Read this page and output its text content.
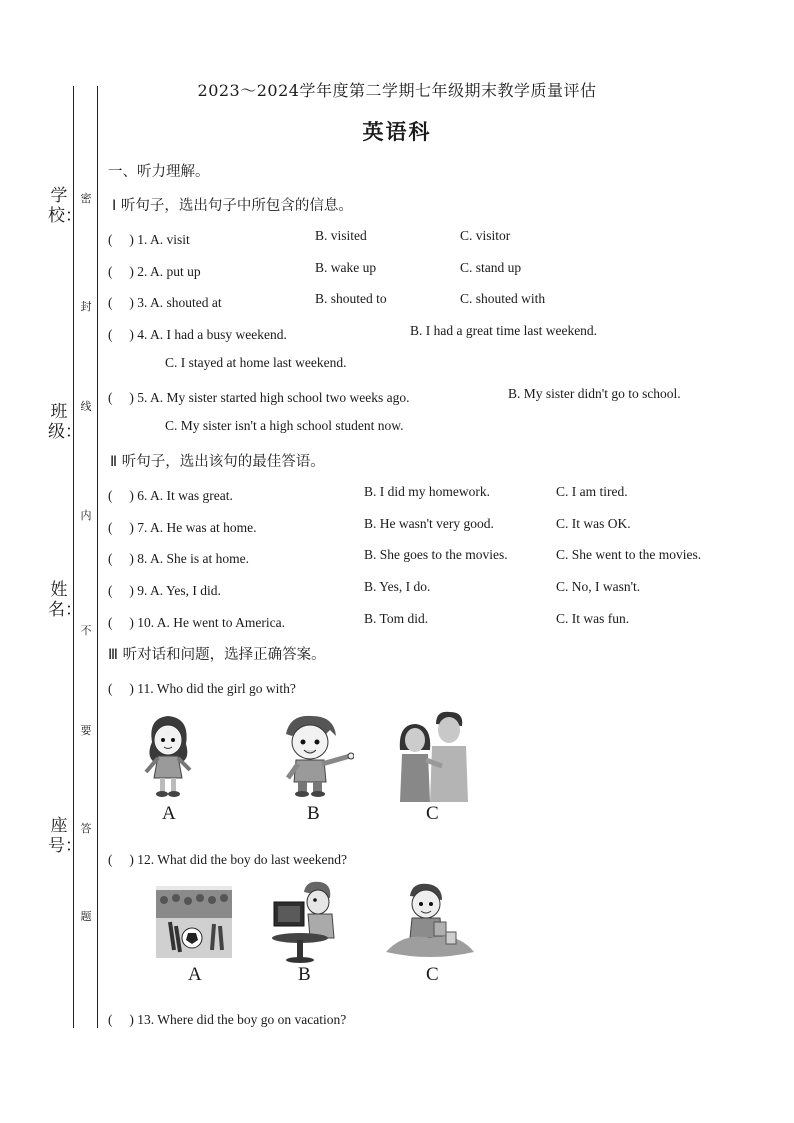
学校：
班级：
姓名：
座号：
密
封
线
内
不
要
答
题
2023～2024学年度第二学期七年级期末教学质量评估
英语科
一、听力理解。
Ⅰ 听句子，选出句子中所包含的信息。
(　 ) 1. A. visit	B. visited	C. visitor
(　 ) 2. A. put up	B. wake up	C. stand up
(　 ) 3. A. shouted at	B. shouted to	C. shouted with
(　 ) 4. A. I had a busy weekend.	B. I had a great time last weekend.
C. I stayed at home last weekend.
(　 ) 5. A. My sister started high school two weeks ago.	B. My sister didn't go to school.
C. My sister isn't a high school student now.
Ⅱ 听句子，选出该句的最佳答语。
(　 ) 6. A. It was great.	B. I did my homework.	C. I am tired.
(　 ) 7. A. He was at home.	B. He wasn't very good.	C. It was OK.
(　 ) 8. A. She is at home.	B. She goes to the movies.	C. She went to the movies.
(　 ) 9. A. Yes, I did.	B. Yes, I do.	C. No, I wasn't.
(　 ) 10. A. He went to America.	B. Tom did.	C. It was fun.
Ⅲ 听对话和问题，选择正确答案。
(　 ) 11. Who did the girl go with?
A	B	C
(　 ) 12. What did the boy do last weekend?
A	B	C
(　 ) 13. Where did the boy go on vacation?
